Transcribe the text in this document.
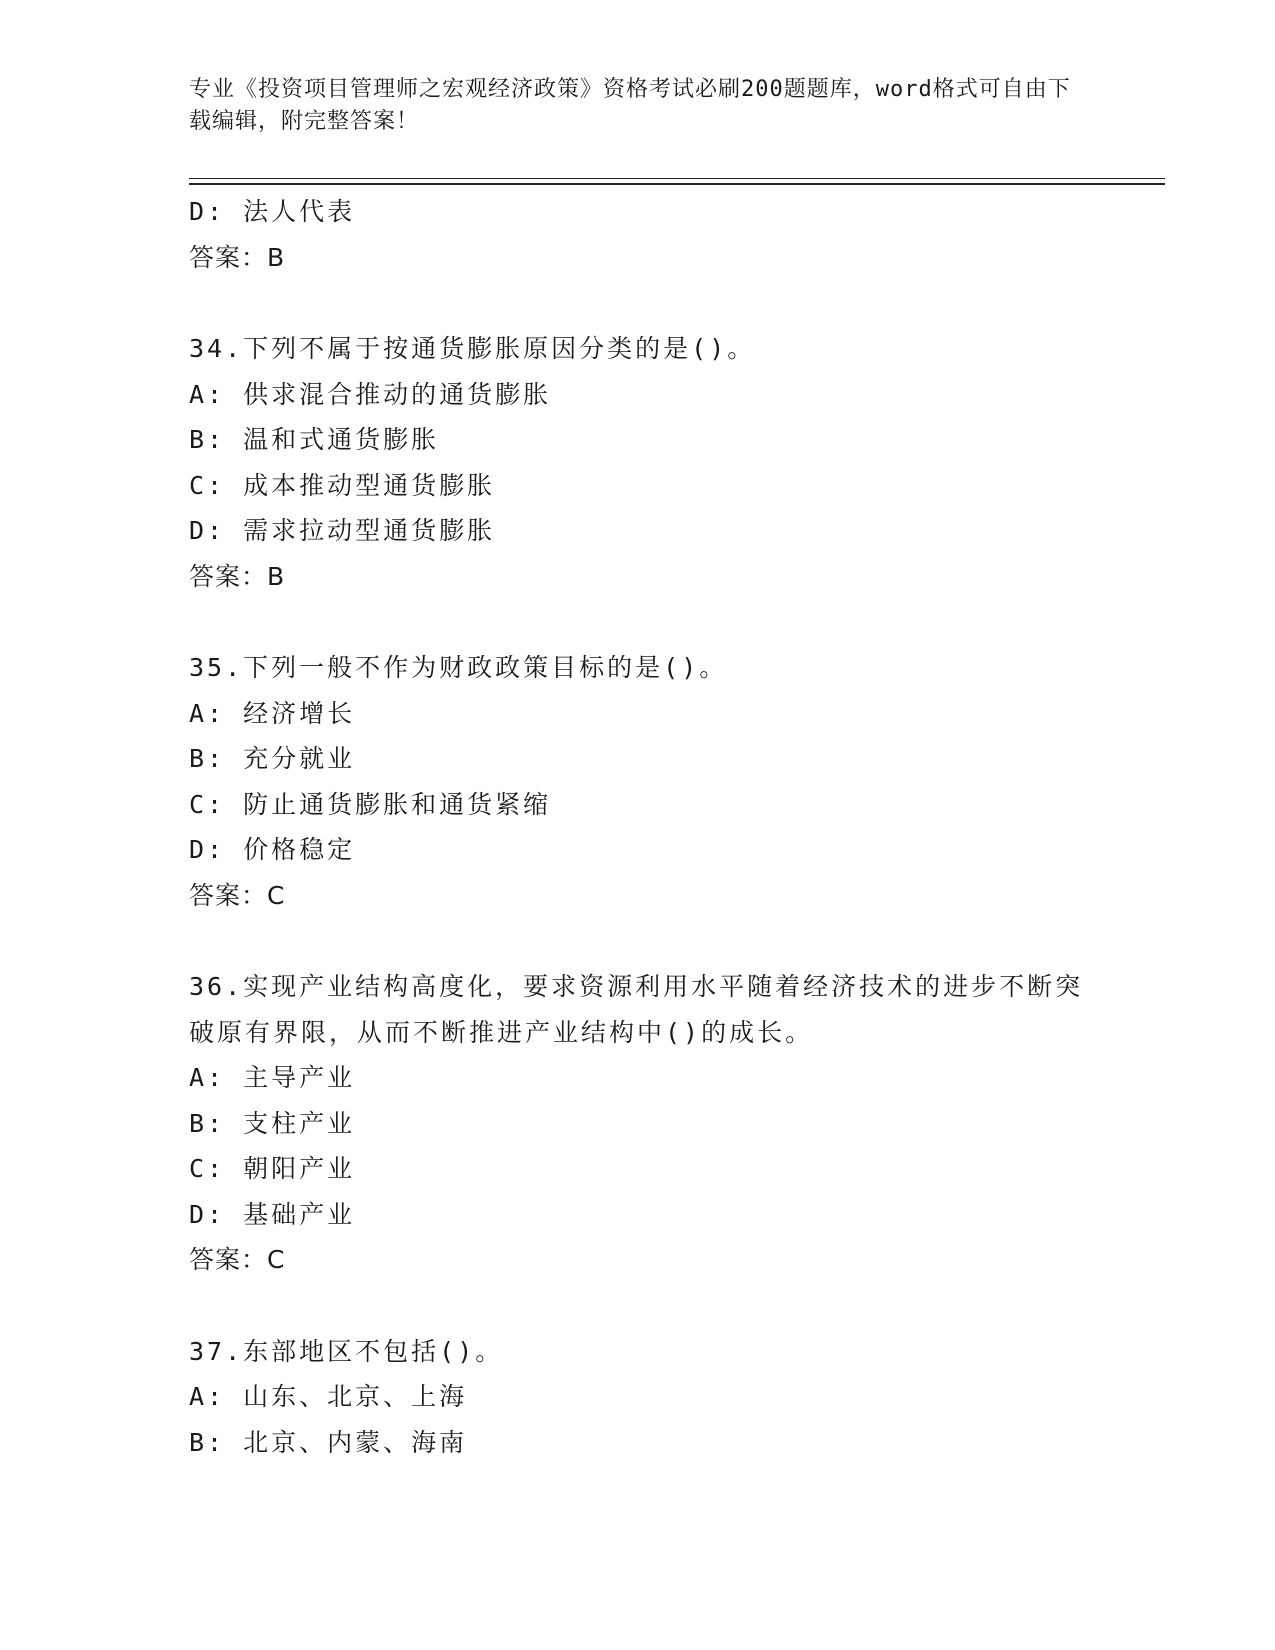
专业《投资项目管理师之宏观经济政策》资格考试必刷200题题库，word格式可自由下载编辑，附完整答案！
D: 法人代表
答案：B
34.下列不属于按通货膨胀原因分类的是()。
A: 供求混合推动的通货膨胀
B: 温和式通货膨胀
C: 成本推动型通货膨胀
D: 需求拉动型通货膨胀
答案：B
35.下列一般不作为财政政策目标的是()。
A: 经济增长
B: 充分就业
C: 防止通货膨胀和通货紧缩
D: 价格稳定
答案：C
36.实现产业结构高度化，要求资源利用水平随着经济技术的进步不断突破原有界限，从而不断推进产业结构中()的成长。
A: 主导产业
B: 支柱产业
C: 朝阳产业
D: 基础产业
答案：C
37.东部地区不包括()。
A: 山东、北京、上海
B: 北京、内蒙、海南
